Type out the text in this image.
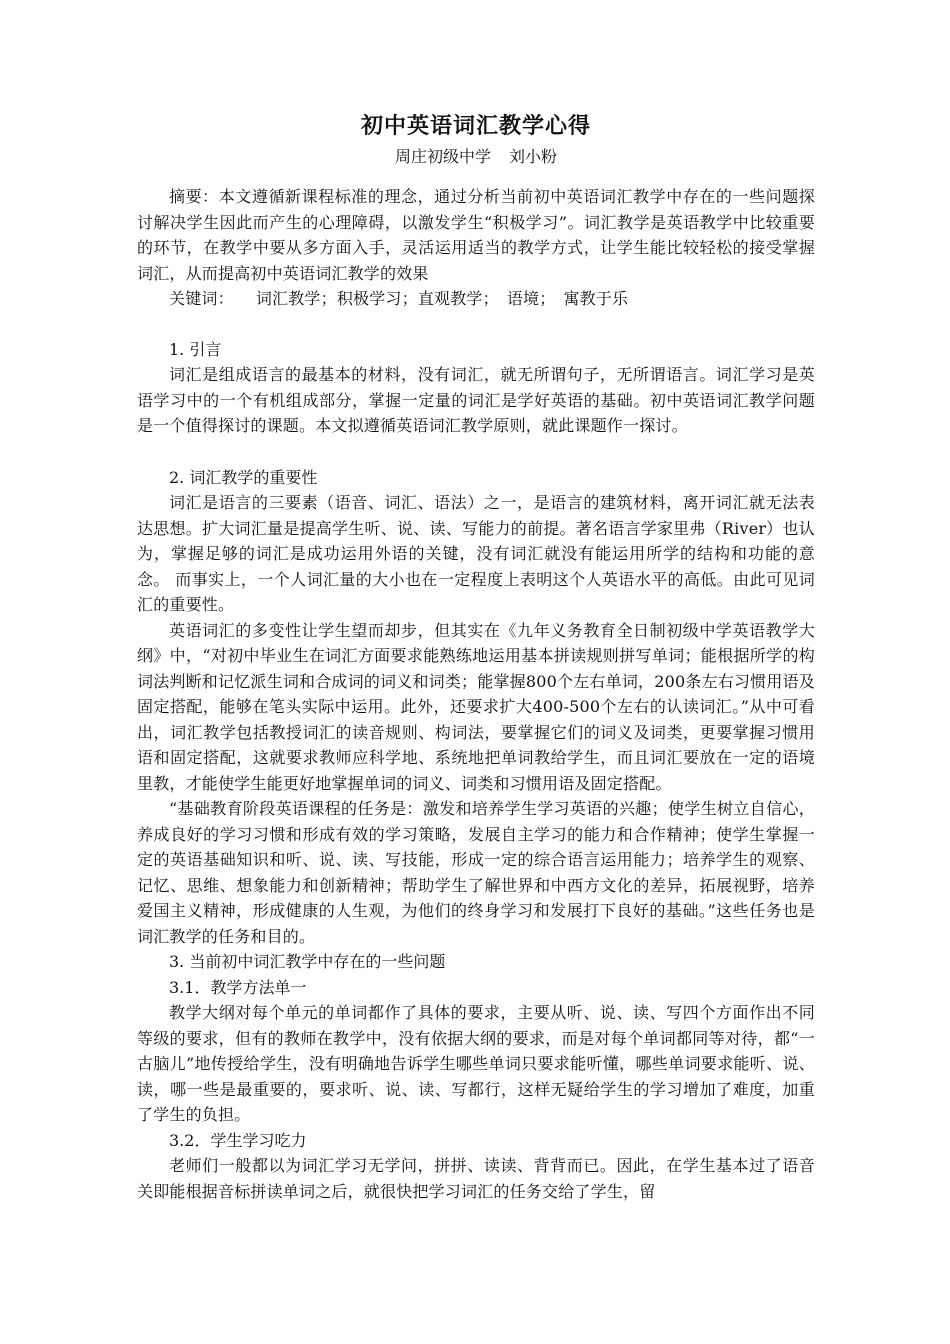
初中英语词汇教学心得
周庄初级中学 刘小粉

摘要：本文遵循新课程标准的理念，通过分析当前初中英语词汇教学中存在的一些问题探讨解决学生因此而产生的心理障碍，以激发学生“积极学习”。词汇教学是英语教学中比较重要的环节，在教学中要从多方面入手，灵活运用适当的教学方式，让学生能比较轻松的接受掌握词汇，从而提高初中英语词汇教学的效果

关键词： 词汇教学；积极学习；直观教学； 语境； 寓教于乐

1. 引言

词汇是组成语言的最基本的材料，没有词汇，就无所谓句子，无所谓语言。词汇学习是英语学习中的一个有机组成部分，掌握一定量的词汇是学好英语的基础。初中英语词汇教学问题是一个值得探讨的课题。本文拟遵循英语词汇教学原则，就此课题作一探讨。

2. 词汇教学的重要性

词汇是语言的三要素（语音、词汇、语法）之一，是语言的建筑材料，离开词汇就无法表达思想。扩大词汇量是提高学生听、说、读、写能力的前提。著名语言学家里弗（River）也认为，掌握足够的词汇是成功运用外语的关键，没有词汇就没有能运用所学的结构和功能的意念。 而事实上，一个人词汇量的大小也在一定程度上表明这个人英语水平的高低。由此可见词汇的重要性。

英语词汇的多变性让学生望而却步，但其实在《九年义务教育全日制初级中学英语教学大纲》中，“对初中毕业生在词汇方面要求能熟练地运用基本拼读规则拼写单词；能根据所学的构词法判断和记忆派生词和合成词的词义和词类；能掌握800个左右单词，200条左右习惯用语及固定搭配，能够在笔头实际中运用。此外，还要求扩大400-500个左右的认读词汇。”从中可看出，词汇教学包括教授词汇的读音规则、构词法，要掌握它们的词义及词类，更要掌握习惯用语和固定搭配，这就要求教师应科学地、系统地把单词教给学生，而且词汇要放在一定的语境里教，才能使学生能更好地掌握单词的词义、词类和习惯用语及固定搭配。

“基础教育阶段英语课程的任务是：激发和培养学生学习英语的兴趣；使学生树立自信心，养成良好的学习习惯和形成有效的学习策略，发展自主学习的能力和合作精神；使学生掌握一定的英语基础知识和听、说、读、写技能，形成一定的综合语言运用能力；培养学生的观察、记忆、思维、想象能力和创新精神；帮助学生了解世界和中西方文化的差异，拓展视野，培养爱国主义精神，形成健康的人生观，为他们的终身学习和发展打下良好的基础。”这些任务也是词汇教学的任务和目的。

3. 当前初中词汇教学中存在的一些问题
3.1．教学方法单一

教学大纲对每个单元的单词都作了具体的要求，主要从听、说、读、写四个方面作出不同等级的要求，但有的教师在教学中，没有依据大纲的要求，而是对每个单词都同等对待，都“一古脑儿”地传授给学生，没有明确地告诉学生哪些单词只要求能听懂，哪些单词要求能听、说、读，哪一些是最重要的，要求听、说、读、写都行，这样无疑给学生的学习增加了难度，加重了学生的负担。

3.2．学生学习吃力

老师们一般都以为词汇学习无学问，拼拼、读读、背背而已。因此，在学生基本过了语音关即能根据音标拼读单词之后，就很快把学习词汇的任务交给了学生，留
